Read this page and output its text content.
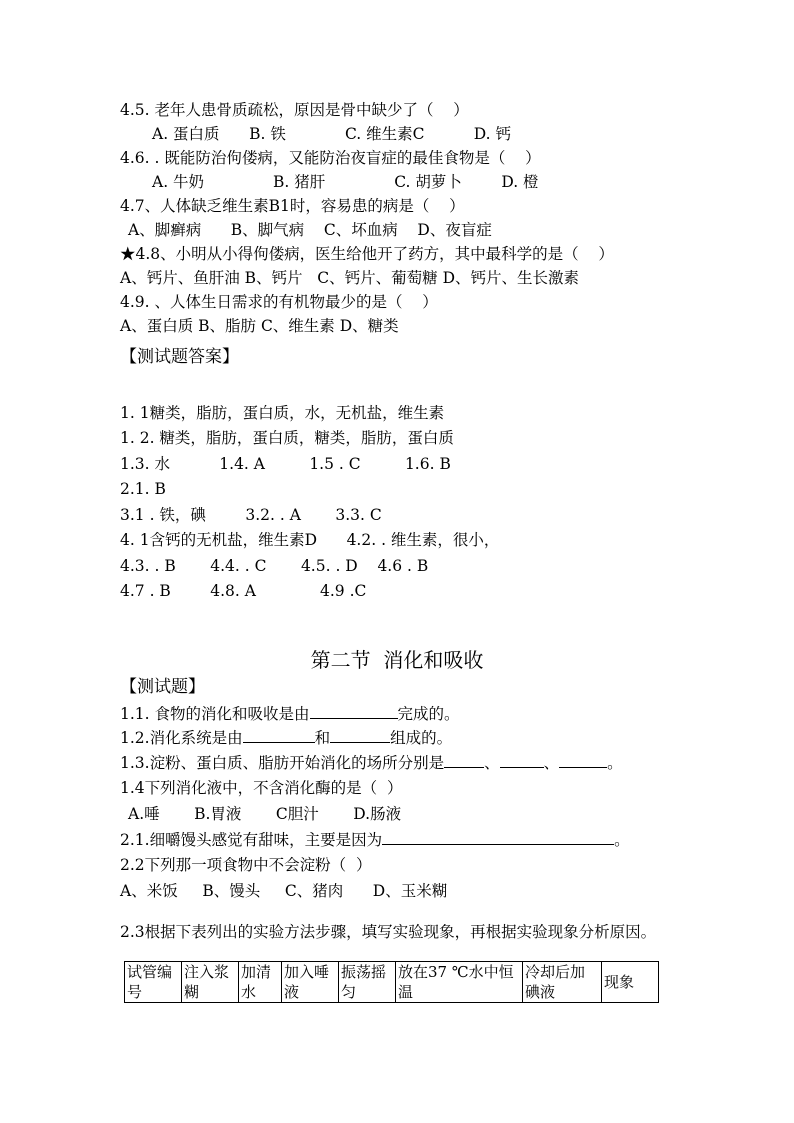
4.5. 老年人患骨质疏松，原因是骨中缺少了（    ）
A. 蛋白质      B. 铁            C. 维生素C          D. 钙
4.6. . 既能防治佝偻病，又能防治夜盲症的最佳食物是（    ）
A. 牛奶              B. 猪肝              C. 胡萝卜        D. 橙
4.7、人体缺乏维生素B1时，容易患的病是（    ）
A、脚癣病      B、脚气病    C、坏血病    D、夜盲症
★4.8、小明从小得佝偻病，医生给他开了药方，其中最科学的是（    ）
A、钙片、鱼肝油 B、钙片   C、钙片、葡萄糖 D、钙片、生长激素
4.9. 、人体生日需求的有机物最少的是（    ）
A、蛋白质 B、脂肪 C、维生素 D、糖类
【测试题答案】
1. 1糖类，脂肪，蛋白质，水，无机盐，维生素
1. 2. 糖类，脂肪，蛋白质，糖类，脂肪，蛋白质
1.3. 水          1.4. A         1.5 . C         1.6. B
2.1. B
3.1 . 铁，碘        3.2. . A       3.3. C
4. 1含钙的无机盐，维生素D      4.2. . 维生素，很小，
4.3. . B       4.4. . C       4.5. . D    4.6 . B
4.7 . B        4.8. A             4.9 .C
第二节  消化和吸收
【测试题】
1.1. 食物的消化和吸收是由	完成的。
1.2.消化系统是由	和	组成的。
1.3.淀粉、蛋白质、脂肪开始消化的场所分别是	、	、	。
1.4下列消化液中，不含消化酶的是（  ）
A.唾       B.胃液       C胆汁       D.肠液
2.1.细嚼馒头感觉有甜味，主要是因为	。
2.2下列那一项食物中不会淀粉（  ）
A、米饭     B、馒头     C、猪肉      D、玉米糊
2.3根据下表列出的实验方法步骤，填写实验现象，再根据实验现象分析原因。
试管编号	注入浆糊	加清水	加入唾液	振荡摇匀	放在37 ℃水中恒温	冷却后加碘液	现象
